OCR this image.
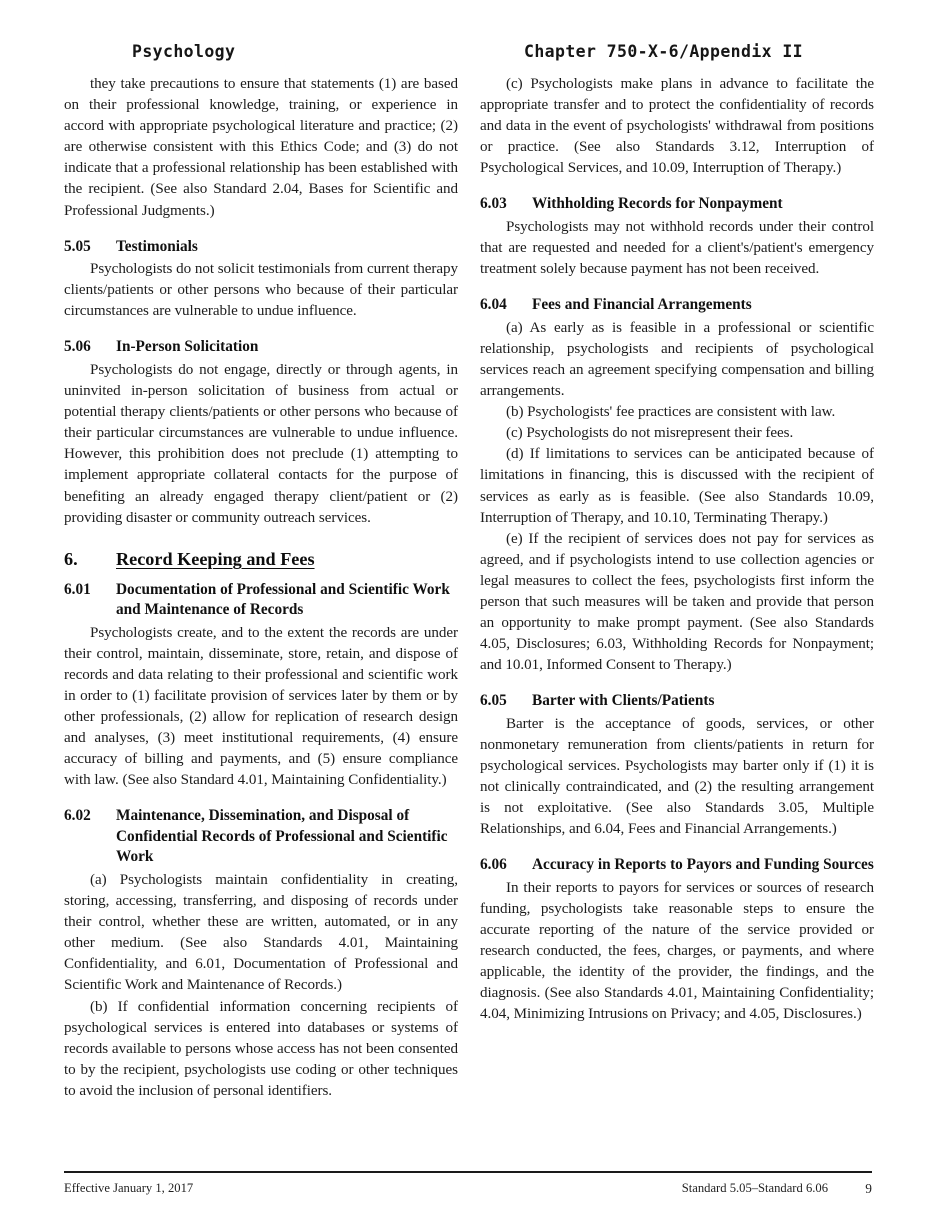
Psychology	Chapter 750-X-6/Appendix II

they take precautions to ensure that statements (1) are based on their professional knowledge, training, or experience in accord with appropriate psychological literature and practice; (2) are otherwise consistent with this Ethics Code; and (3) do not indicate that a professional relationship has been established with the recipient. (See also Standard 2.04, Bases for Scientific and Professional Judgments.)

5.05	Testimonials

Psychologists do not solicit testimonials from current therapy clients/patients or other persons who because of their particular circumstances are vulnerable to undue influence.

5.06	In-Person Solicitation

Psychologists do not engage, directly or through agents, in uninvited in-person solicitation of business from actual or potential therapy clients/patients or other persons who because of their particular circumstances are vulnerable to undue influence. However, this prohibition does not preclude (1) attempting to implement appropriate collateral contacts for the purpose of benefiting an already engaged therapy client/patient or (2) providing disaster or community outreach services.

6.	Record Keeping and Fees
6.01	Documentation of Professional and Scientific Work and Maintenance of Records

Psychologists create, and to the extent the records are under their control, maintain, disseminate, store, retain, and dispose of records and data relating to their professional and scientific work in order to (1) facilitate provision of services later by them or by other professionals, (2) allow for replication of research design and analyses, (3) meet institutional requirements, (4) ensure accuracy of billing and payments, and (5) ensure compliance with law. (See also Standard 4.01, Maintaining Confidentiality.)

6.02	Maintenance, Dissemination, and Disposal of Confidential Records of Professional and Scientific Work

(a) Psychologists maintain confidentiality in creating, storing, accessing, transferring, and disposing of records under their control, whether these are written, automated, or in any other medium. (See also Standards 4.01, Maintaining Confidentiality, and 6.01, Documentation of Professional and Scientific Work and Maintenance of Records.)

(b) If confidential information concerning recipients of psychological services is entered into databases or systems of records available to persons whose access has not been consented to by the recipient, psychologists use coding or other techniques to avoid the inclusion of personal identifiers.

(c) Psychologists make plans in advance to facilitate the appropriate transfer and to protect the confidentiality of records and data in the event of psychologists' withdrawal from positions or practice. (See also Standards 3.12, Interruption of Psychological Services, and 10.09, Interruption of Therapy.)

6.03	Withholding Records for Nonpayment

Psychologists may not withhold records under their control that are requested and needed for a client's/patient's emergency treatment solely because payment has not been received.

6.04	Fees and Financial Arrangements

(a) As early as is feasible in a professional or scientific relationship, psychologists and recipients of psychological services reach an agreement specifying compensation and billing arrangements.

(b) Psychologists' fee practices are consistent with law.

(c) Psychologists do not misrepresent their fees.

(d) If limitations to services can be anticipated because of limitations in financing, this is discussed with the recipient of services as early as is feasible. (See also Standards 10.09, Interruption of Therapy, and 10.10, Terminating Therapy.)

(e) If the recipient of services does not pay for services as agreed, and if psychologists intend to use collection agencies or legal measures to collect the fees, psychologists first inform the person that such measures will be taken and provide that person an opportunity to make prompt payment. (See also Standards 4.05, Disclosures; 6.03, Withholding Records for Nonpayment; and 10.01, Informed Consent to Therapy.)

6.05	Barter with Clients/Patients

Barter is the acceptance of goods, services, or other nonmonetary remuneration from clients/patients in return for psychological services. Psychologists may barter only if (1) it is not clinically contraindicated, and (2) the resulting arrangement is not exploitative. (See also Standards 3.05, Multiple Relationships, and 6.04, Fees and Financial Arrangements.)

6.06	Accuracy in Reports to Payors and Funding Sources

In their reports to payors for services or sources of research funding, psychologists take reasonable steps to ensure the accurate reporting of the nature of the service provided or research conducted, the fees, charges, or payments, and where applicable, the identity of the provider, the findings, and the diagnosis. (See also Standards 4.01, Maintaining Confidentiality; 4.04, Minimizing Intrusions on Privacy; and 4.05, Disclosures.)

Effective January 1, 2017	Standard 5.05–Standard 6.06	9
